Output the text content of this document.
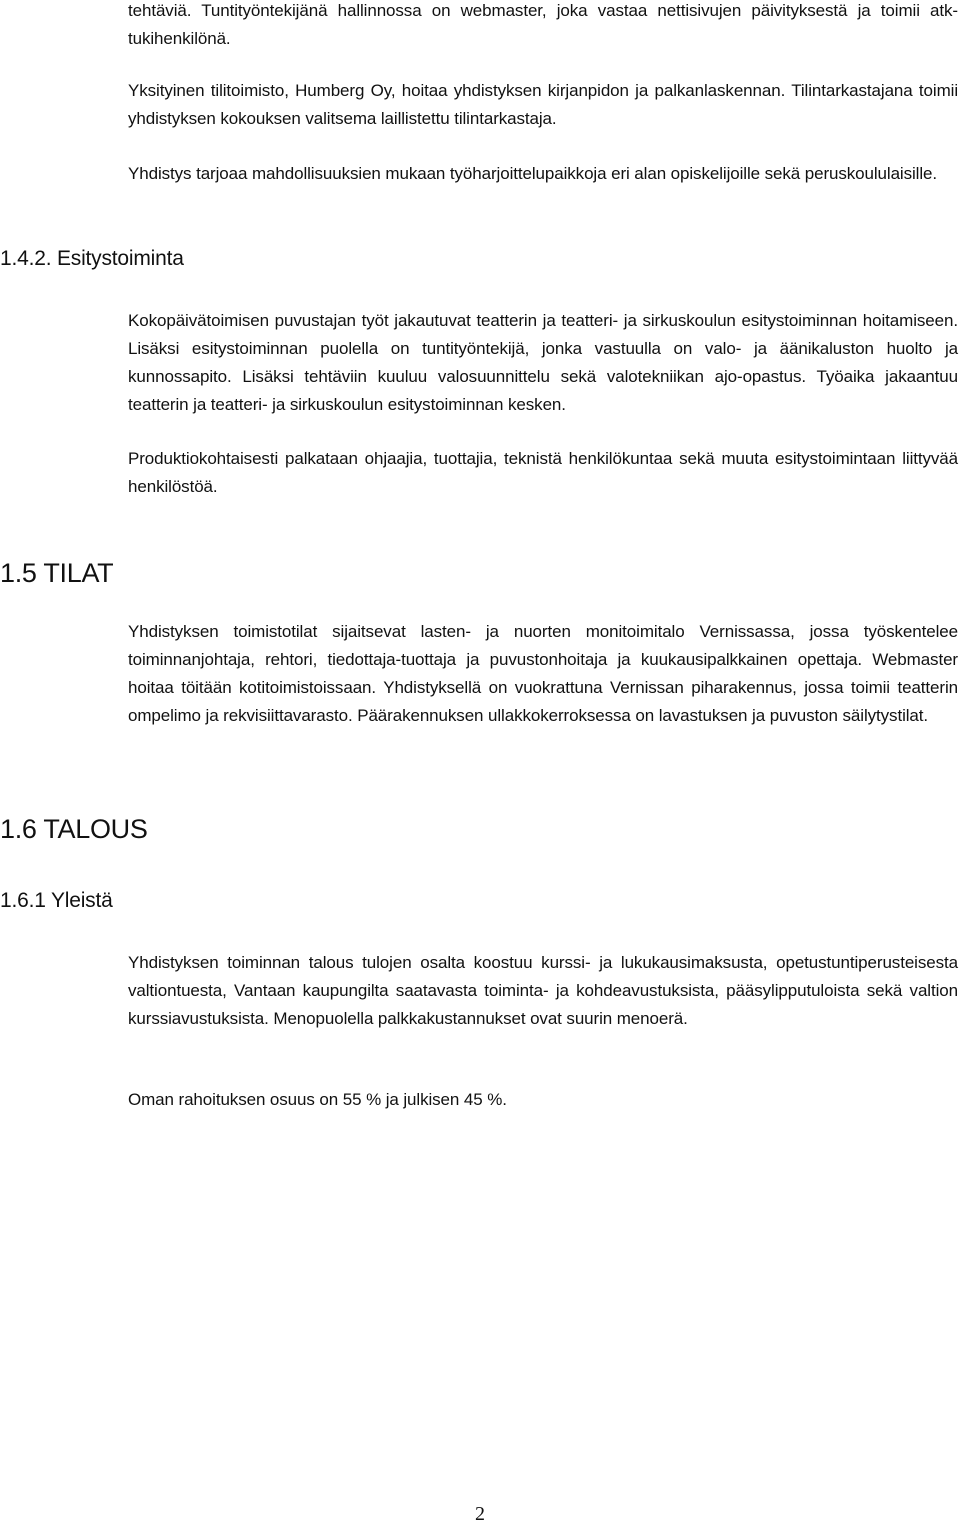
tehtäviä. Tuntityöntekijänä hallinnossa on webmaster, joka vastaa nettisivujen päivityksestä ja toimii atk-tukihenkilönä.

Yksityinen tilitoimisto, Humberg Oy, hoitaa yhdistyksen kirjanpidon ja palkanlaskennan. Tilintarkastajana toimii yhdistyksen kokouksen valitsema laillistettu tilintarkastaja.

Yhdistys tarjoaa mahdollisuuksien mukaan työharjoittelupaikkoja eri alan opiskelijoille sekä peruskoululaisille.

1.4.2. Esitystoiminta

Kokopäivätoimisen puvustajan työt jakautuvat teatterin ja teatteri- ja sirkuskoulun esitystoiminnan hoitamiseen. Lisäksi esitystoiminnan puolella on tuntityöntekijä, jonka vastuulla on valo- ja äänikaluston huolto ja kunnossapito. Lisäksi tehtäviin kuuluu valosuunnittelu sekä valotekniikan ajo-opastus. Työaika jakaantuu teatterin ja teatteri- ja sirkuskoulun esitystoiminnan kesken.

Produktiokohtaisesti palkataan ohjaajia, tuottajia, teknistä henkilökuntaa sekä muuta esitystoimintaan liittyvää henkilöstöä.

1.5 TILAT

Yhdistyksen toimistotilat sijaitsevat lasten- ja nuorten monitoimitalo Vernissassa, jossa työskentelee toiminnanjohtaja, rehtori, tiedottaja-tuottaja ja puvustonhoitaja ja kuukausipalkkainen opettaja. Webmaster hoitaa töitään kotitoimistoissaan. Yhdistyksellä on vuokrattuna Vernissan piharakennus, jossa toimii teatterin ompelimo ja rekvisiittavarasto. Päärakennuksen ullakkokerroksessa on lavastuksen ja puvuston säilytystilat.

1.6 TALOUS
1.6.1 Yleistä

Yhdistyksen toiminnan talous tulojen osalta koostuu kurssi- ja lukukausimaksusta, opetustuntiperusteisesta valtiontuesta, Vantaan kaupungilta saatavasta toiminta- ja kohdeavustuksista, pääsylipputuloista sekä valtion kurssiavustuksista. Menopuolella palkkakustannukset ovat suurin menoerä.

Oman rahoituksen osuus on 55 % ja julkisen 45 %.

2
